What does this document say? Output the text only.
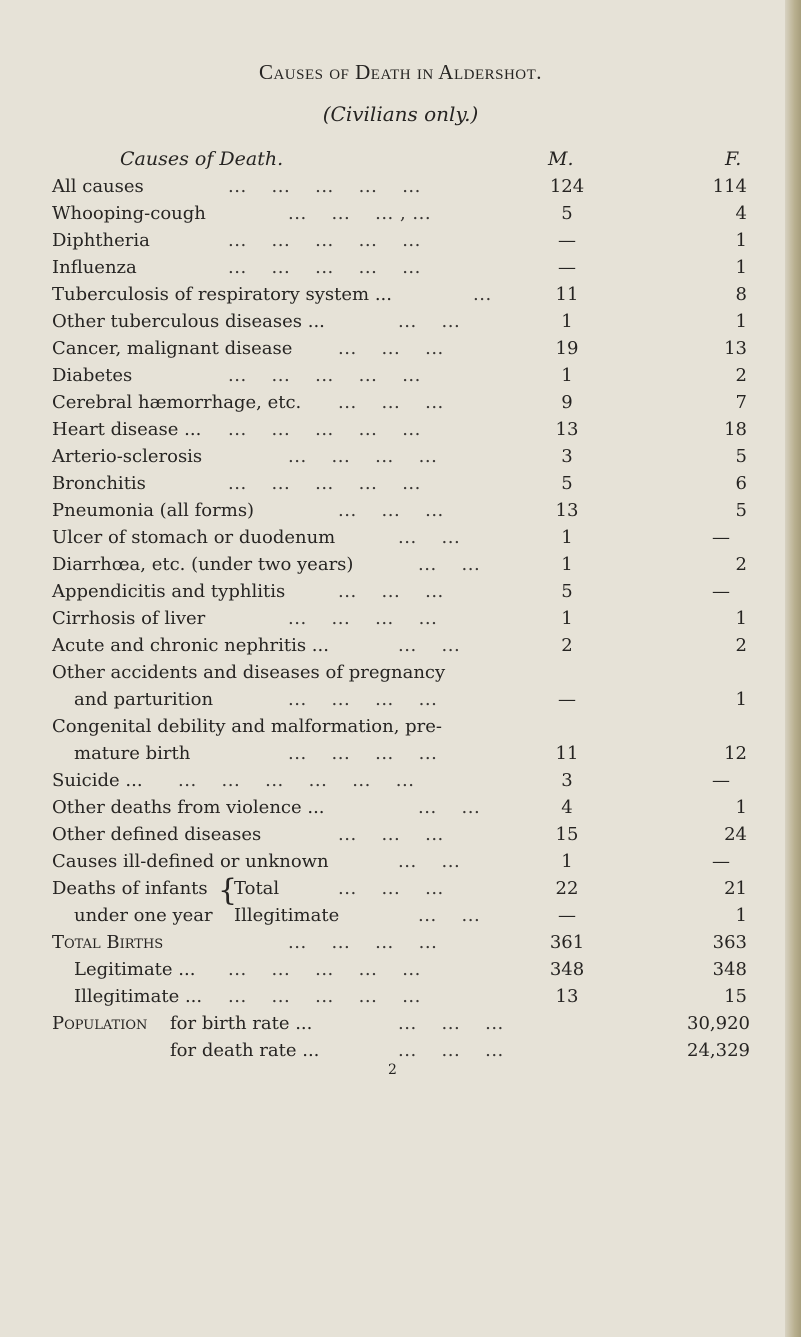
Causes of Death in Aldershot.
(Civilians only.)
Causes of Death.	M.	F.
All causes	...    ...    ...    ...    ...	124	114
Whooping-cough	...    ...    ... , ...	5	4
Diphtheria	...    ...    ...    ...    ...	—	1
Influenza	...    ...    ...    ...    ...	—	1
Tuberculosis of respiratory system ...	...	11	8
Other tuberculous diseases ...	...    ...	1	1
Cancer, malignant disease	...    ...    ...	19	13
Diabetes	...    ...    ...    ...    ...	1	2
Cerebral hæmorrhage, etc. ...    ...    ...	9	7
Heart disease ... ...    ...    ...    ...    ...	13	18
Arterio-sclerosis	...    ...    ...    ...	3	5
Bronchitis	...    ...    ...    ...    ...	5	6
Pneumonia (all forms)	...    ...    ...	13	5
Ulcer of stomach or duodenum	...    ...	1	—
Diarrhœa, etc. (under two years)	...    ...	1	2
Appendicitis and typhlitis	...    ...    ...	5	—
Cirrhosis of liver	...    ...    ...    ...	1	1
Acute and chronic nephritis ...	...    ...	2	2
Other accidents and diseases of pregnancy
and parturition	...    ...    ...    ...	—	1
Congenital debility and malformation, pre-
mature birth	...    ...    ...    ...	11	12
Suicide ... ...    ...    ...    ...    ...    ...	3	—
Other deaths from violence ...	...    ...	4	1
Other defined diseases	...    ...    ...	15	24
Causes ill-defined or unknown	...    ...	1	—
Deaths of infants {
Total	...    ...    ...	22	21
under one year Illegitimate	...    ...	—	1
Total Births	...    ...    ...    ...	361	363
Legitimate ... ...    ...    ...    ...    ...	348	348
Illegitimate ... ...    ...    ...    ...    ...	13	15
Population for birth rate ...	...    ...    ...	30,920
for death rate ...	...    ...    ...	24,329
2
